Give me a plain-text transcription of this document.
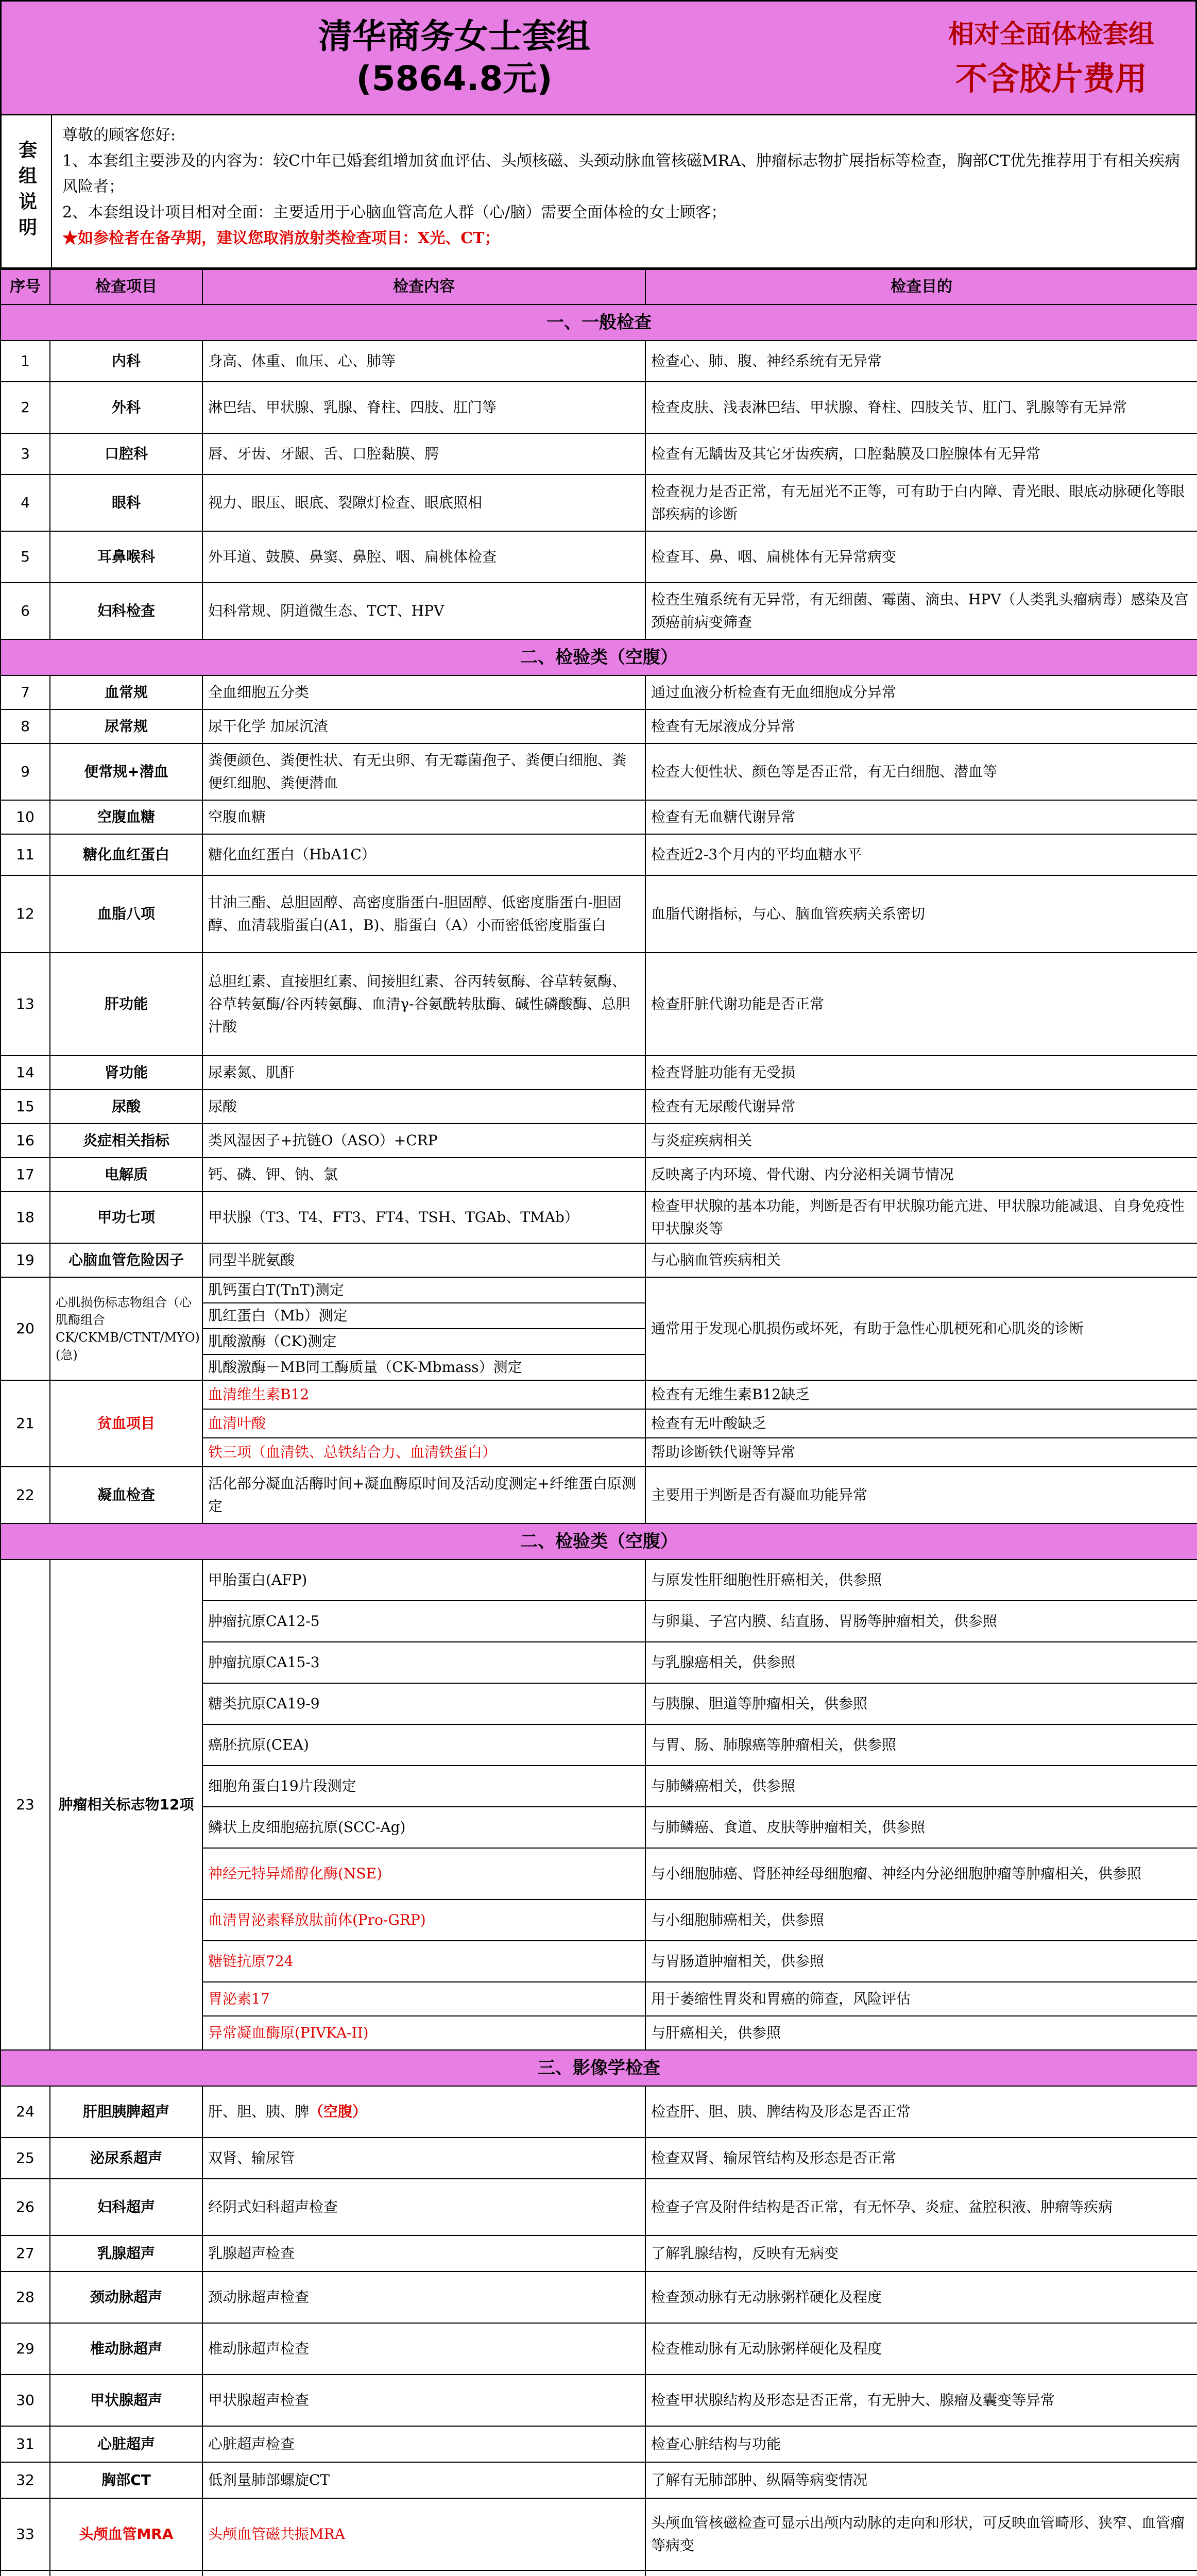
清华商务女士套组
(5864.8元)
相对全面体检套组
不含胶片费用
套组说明

尊敬的顾客您好:

1、本套组主要涉及的内容为：较C中年已婚套组增加贫血评估、头颅核磁、头颈动脉血管核磁MRA、肿瘤标志物扩展指标等检查，胸部CT优先推荐用于有相关疾病风险者；

2、本套组设计项目相对全面：主要适用于心脑血管高危人群（心/脑）需要全面体检的女士顾客；

★如参检者在备孕期，建议您取消放射类检查项目：X光、CT；

序号	检查项目	检查内容	检查目的
一、一般检查			
1	内科	身高、体重、血压、心、肺等	检查心、肺、腹、神经系统有无异常
2	外科	淋巴结、甲状腺、乳腺、脊柱、四肢、肛门等	检查皮肤、浅表淋巴结、甲状腺、脊柱、四肢关节、肛门、乳腺等有无异常
3	口腔科	唇、牙齿、牙龈、舌、口腔黏膜、腭	检查有无龋齿及其它牙齿疾病，口腔黏膜及口腔腺体有无异常
4	眼科	视力、眼压、眼底、裂隙灯检查、眼底照相	检查视力是否正常，有无屈光不正等，可有助于白内障、青光眼、眼底动脉硬化等眼部疾病的诊断
5	耳鼻喉科	外耳道、鼓膜、鼻窦、鼻腔、咽、扁桃体检查	检查耳、鼻、咽、扁桃体有无异常病变
6	妇科检查	妇科常规、阴道微生态、TCT、HPV	检查生殖系统有无异常，有无细菌、霉菌、滴虫、HPV（人类乳头瘤病毒）感染及宫颈癌前病变筛查
二、检验类（空腹）			
7	血常规	全血细胞五分类	通过血液分析检查有无血细胞成分异常
8	尿常规	尿干化学 加尿沉渣	检查有无尿液成分异常
9	便常规+潜血	粪便颜色、粪便性状、有无虫卵、有无霉菌孢子、粪便白细胞、粪便红细胞、粪便潜血	检查大便性状、颜色等是否正常，有无白细胞、潜血等
10	空腹血糖	空腹血糖	检查有无血糖代谢异常
11	糖化血红蛋白	糖化血红蛋白（HbA1C）	检查近2-3个月内的平均血糖水平
12	血脂八项	甘油三酯、总胆固醇、高密度脂蛋白-胆固醇、低密度脂蛋白-胆固醇、血清载脂蛋白(A1，B)、脂蛋白（A）小而密低密度脂蛋白	血脂代谢指标，与心、脑血管疾病关系密切
13	肝功能	总胆红素、直接胆红素、间接胆红素、谷丙转氨酶、谷草转氨酶、谷草转氨酶/谷丙转氨酶、血清γ-谷氨酰转肽酶、碱性磷酸酶、总胆汁酸	检查肝脏代谢功能是否正常
14	肾功能	尿素氮、肌酐	检查肾脏功能有无受损
15	尿酸	尿酸	检查有无尿酸代谢异常
16	炎症相关指标	类风湿因子+抗链O（ASO）+CRP	与炎症疾病相关
17	电解质	钙、磷、钾、钠、氯	反映离子内环境、骨代谢、内分泌相关调节情况
18	甲功七项	甲状腺（T3、T4、FT3、FT4、TSH、TGAb、TMAb）	检查甲状腺的基本功能，判断是否有甲状腺功能亢进、甲状腺功能减退、自身免疫性甲状腺炎等
19	心脑血管危险因子	同型半胱氨酸	与心脑血管疾病相关
20	心肌损伤标志物组合（心肌酶组合CK/CKMB/CTNT/MYO)(急)	肌钙蛋白T(TnT)测定	通常用于发现心肌损伤或坏死，有助于急性心肌梗死和心肌炎的诊断
		肌红蛋白（Mb）测定	
		肌酸激酶（CK)测定	
		肌酸激酶－MB同工酶质量（CK-Mbmass）测定	
21	贫血项目	血清维生素B12	检查有无维生素B12缺乏
		血清叶酸	检查有无叶酸缺乏
		铁三项（血清铁、总铁结合力、血清铁蛋白）	帮助诊断铁代谢等异常
22	凝血检查	活化部分凝血活酶时间+凝血酶原时间及活动度测定+纤维蛋白原测定	主要用于判断是否有凝血功能异常
二、检验类（空腹）			
23	肿瘤相关标志物12项	甲胎蛋白(AFP)	与原发性肝细胞性肝癌相关，供参照
		肿瘤抗原CA12-5	与卵巢、子宫内膜、结直肠、胃肠等肿瘤相关，供参照
		肿瘤抗原CA15-3	与乳腺癌相关，供参照
		糖类抗原CA19-9	与胰腺、胆道等肿瘤相关，供参照
		癌胚抗原(CEA)	与胃、肠、肺腺癌等肿瘤相关，供参照
		细胞角蛋白19片段测定	与肺鳞癌相关，供参照
		鳞状上皮细胞癌抗原(SCC-Ag)	与肺鳞癌、食道、皮肤等肿瘤相关，供参照
		神经元特异烯醇化酶(NSE)	与小细胞肺癌、肾胚神经母细胞瘤、神经内分泌细胞肿瘤等肿瘤相关，供参照
		血清胃泌素释放肽前体(Pro-GRP)	与小细胞肺癌相关，供参照
		糖链抗原724	与胃肠道肿瘤相关，供参照
		胃泌素17	用于萎缩性胃炎和胃癌的筛查，风险评估
		异常凝血酶原(PIVKA-II)	与肝癌相关，供参照
三、影像学检查			
24	肝胆胰脾超声	肝、胆、胰、脾（空腹）	检查肝、胆、胰、脾结构及形态是否正常
25	泌尿系超声	双肾、输尿管	检查双肾、输尿管结构及形态是否正常
26	妇科超声	经阴式妇科超声检查	检查子宫及附件结构是否正常，有无怀孕、炎症、盆腔积液、肿瘤等疾病
27	乳腺超声	乳腺超声检查	了解乳腺结构，反映有无病变
28	颈动脉超声	颈动脉超声检查	检查颈动脉有无动脉粥样硬化及程度
29	椎动脉超声	椎动脉超声检查	检查椎动脉有无动脉粥样硬化及程度
30	甲状腺超声	甲状腺超声检查	检查甲状腺结构及形态是否正常，有无肿大、腺瘤及囊变等异常
31	心脏超声	心脏超声检查	检查心脏结构与功能
32	胸部CT	低剂量肺部螺旋CT	了解有无肺部肿、纵隔等病变情况
33	头颅血管MRA	头颅血管磁共振MRA	头颅血管核磁检查可显示出颅内动脉的走向和形状，可反映血管畸形、狭窄、血管瘤等病变
